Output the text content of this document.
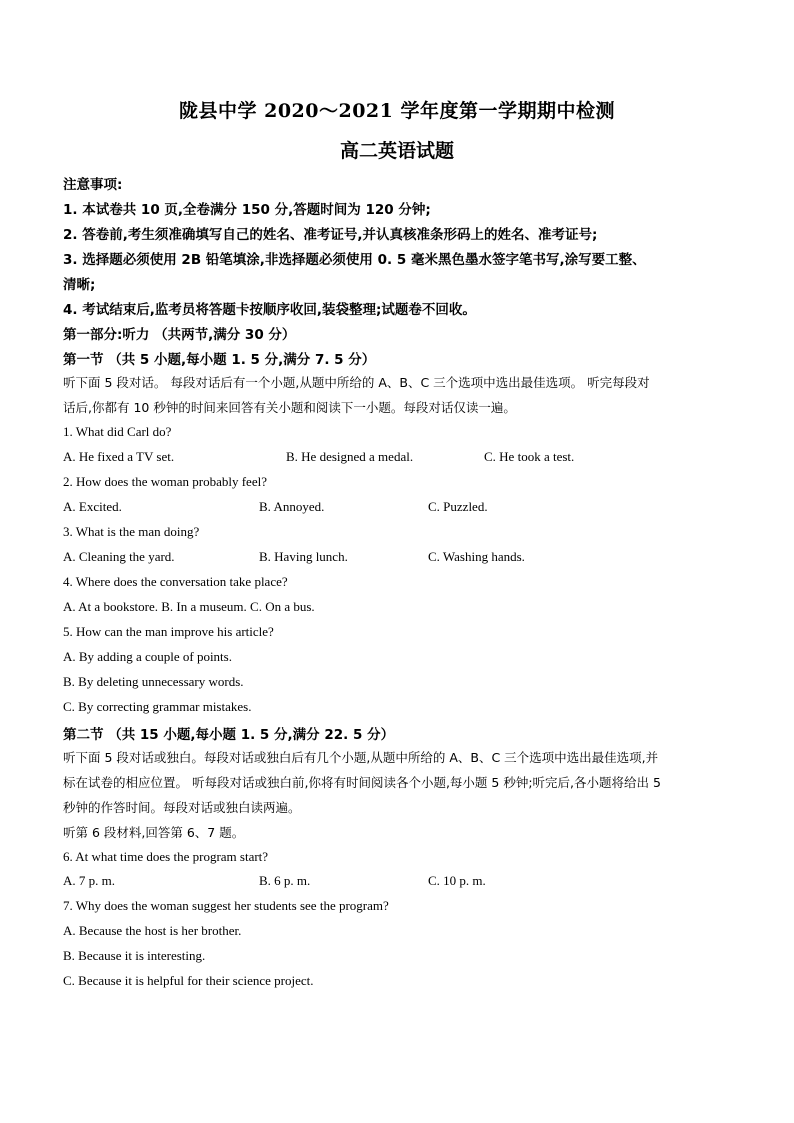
陇县中学 2020～2021 学年度第一学期期中检测
高二英语试题
注意事项:
1. 本试卷共 10 页,全卷满分 150 分,答题时间为 120 分钟;
2. 答卷前,考生须准确填写自己的姓名、准考证号,并认真核准条形码上的姓名、准考证号;
3. 选择题必须使用 2B 铅笔填涂,非选择题必须使用 0. 5 毫米黑色墨水签字笔书写,涂写要工整、
清晰;
4. 考试结束后,监考员将答题卡按顺序收回,装袋整理;试题卷不回收。
第一部分:听力 （共两节,满分 30 分）
第一节 （共 5 小题,每小题 1. 5 分,满分 7. 5 分）
听下面 5 段对话。 每段对话后有一个小题,从题中所给的 A、B、C 三个选项中选出最佳选项。 听完每段对
话后,你都有 10 秒钟的时间来回答有关小题和阅读下一小题。每段对话仅读一遍。
1. What did Carl do?
A. He fixed a TV set.	B. He designed a medal.	C. He took a test.
2. How does the woman probably feel?
A. Excited.	B. Annoyed.	C. Puzzled.
3. What is the man doing?
A. Cleaning the yard.	B. Having lunch.	C. Washing hands.
4. Where does the conversation take place?
A. At a bookstore. B. In a museum. C. On a bus.
5. How can the man improve his article?
A. By adding a couple of points.
B. By deleting unnecessary words.
C. By correcting grammar mistakes.
第二节 （共 15 小题,每小题 1. 5 分,满分 22. 5 分）
听下面 5 段对话或独白。每段对话或独白后有几个小题,从题中所给的 A、B、C 三个选项中选出最佳选项,并
标在试卷的相应位置。 听每段对话或独白前,你将有时间阅读各个小题,每小题 5 秒钟;听完后,各小题将给出 5
秒钟的作答时间。每段对话或独白读两遍。
听第 6 段材料,回答第 6、7 题。
6. At what time does the program start?
A. 7 p. m.	B. 6 p. m.	C. 10 p. m.
7. Why does the woman suggest her students see the program?
A. Because the host is her brother.
B. Because it is interesting.
C. Because it is helpful for their science project.
